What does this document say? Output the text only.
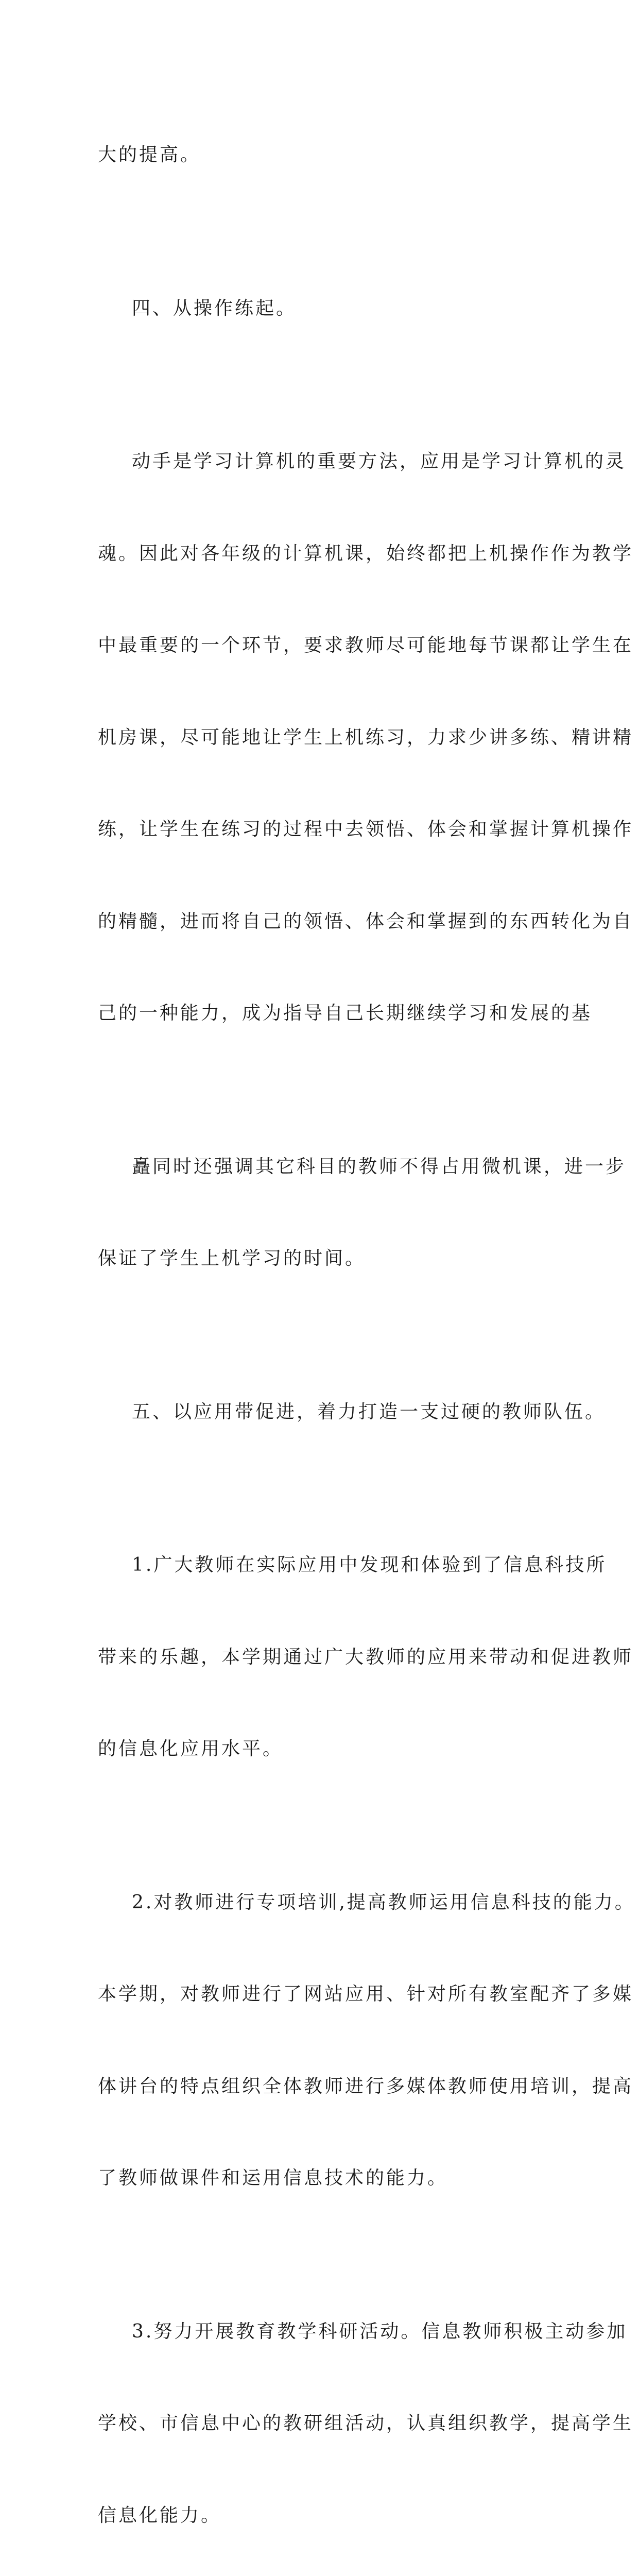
大的提高。

四、从操作练起。

动手是学习计算机的重要方法，应用是学习计算机的灵

魂。因此对各年级的计算机课，始终都把上机操作作为教学

中最重要的一个环节，要求教师尽可能地每节课都让学生在

机房课，尽可能地让学生上机练习，力求少讲多练、精讲精

练，让学生在练习的过程中去领悟、体会和掌握计算机操作

的精髓，进而将自己的领悟、体会和掌握到的东西转化为自

己的一种能力，成为指导自己长期继续学习和发展的基

矗同时还强调其它科目的教师不得占用微机课，进一步

保证了学生上机学习的时间。

五、以应用带促进，着力打造一支过硬的教师队伍。

1.广大教师在实际应用中发现和体验到了信息科技所

带来的乐趣，本学期通过广大教师的应用来带动和促进教师

的信息化应用水平。

2.对教师进行专项培训,提高教师运用信息科技的能力。

本学期，对教师进行了网站应用、针对所有教室配齐了多媒

体讲台的特点组织全体教师进行多媒体教师使用培训，提高

了教师做课件和运用信息技术的能力。

3.努力开展教育教学科研活动。信息教师积极主动参加

学校、市信息中心的教研组活动，认真组织教学，提高学生

信息化能力。
